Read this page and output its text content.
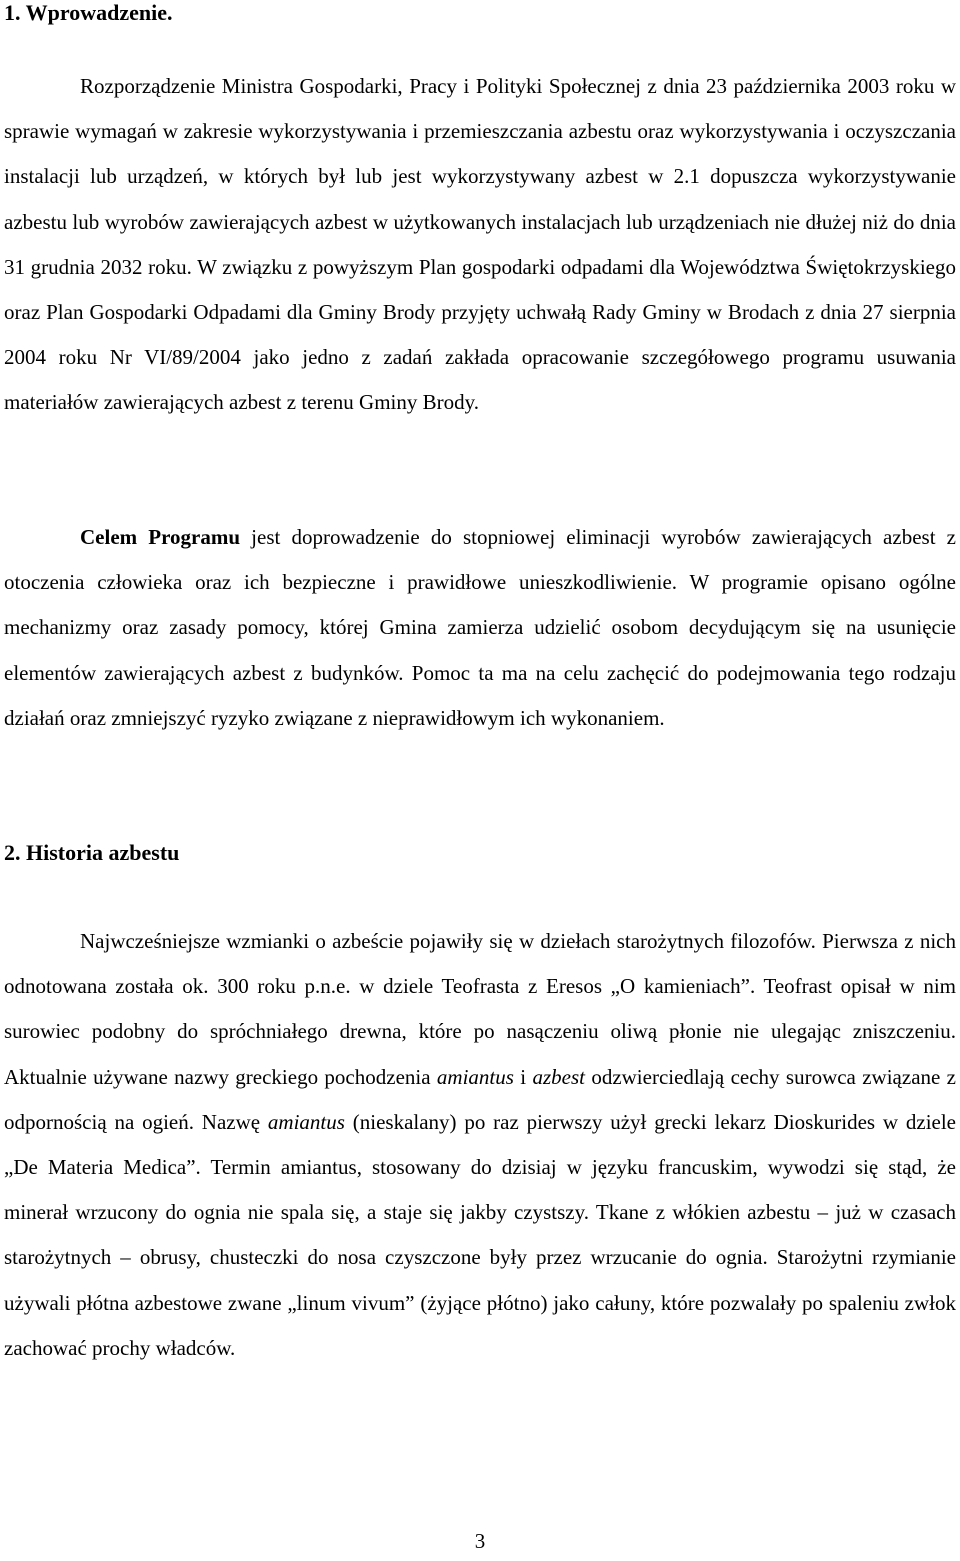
1. Wprowadzenie.

Rozporządzenie Ministra Gospodarki, Pracy i Polityki Społecznej z dnia 23 października 2003 roku w sprawie wymagań w zakresie wykorzystywania i przemieszczania azbestu oraz wykorzystywania i oczyszczania instalacji lub urządzeń, w których był lub jest wykorzystywany azbest w 2.1 dopuszcza wykorzystywanie azbestu lub wyrobów zawierających azbest w użytkowanych instalacjach lub urządzeniach nie dłużej niż do dnia 31 grudnia 2032 roku. W związku z powyższym Plan gospodarki odpadami dla Województwa Świętokrzyskiego oraz Plan Gospodarki Odpadami dla Gminy Brody przyjęty uchwałą Rady Gminy w Brodach z dnia 27 sierpnia 2004 roku Nr VI/89/2004 jako jedno z zadań zakłada opracowanie szczegółowego programu usuwania materiałów zawierających azbest z terenu Gminy Brody.

Celem Programu jest doprowadzenie do stopniowej eliminacji wyrobów zawierających azbest z otoczenia człowieka oraz ich bezpieczne i prawidłowe unieszkodliwienie. W programie opisano ogólne mechanizmy oraz zasady pomocy, której Gmina zamierza udzielić osobom decydującym się na usunięcie elementów zawierających azbest z budynków. Pomoc ta ma na celu zachęcić do podejmowania tego rodzaju działań oraz zmniejszyć ryzyko związane z nieprawidłowym ich wykonaniem.

2. Historia azbestu

Najwcześniejsze wzmianki o azbeście pojawiły się w dziełach starożytnych filozofów. Pierwsza z nich odnotowana została ok. 300 roku p.n.e. w dziele Teofrasta z Eresos „O kamieniach”. Teofrast opisał w nim surowiec podobny do spróchniałego drewna, które po nasączeniu oliwą płonie nie ulegając zniszczeniu. Aktualnie używane nazwy greckiego pochodzenia amiantus i azbest odzwierciedlają cechy surowca związane z odpornością na ogień. Nazwę amiantus (nieskalany) po raz pierwszy użył grecki lekarz Dioskurides w dziele „De Materia Medica”. Termin amiantus, stosowany do dzisiaj w języku francuskim, wywodzi się stąd, że minerał wrzucony do ognia nie spala się, a staje się jakby czystszy. Tkane z włókien azbestu – już w czasach starożytnych – obrusy, chusteczki do nosa czyszczone były przez wrzucanie do ognia. Starożytni rzymianie używali płótna azbestowe zwane „linum vivum” (żyjące płótno) jako całuny, które pozwalały po spaleniu zwłok zachować prochy władców.

3
